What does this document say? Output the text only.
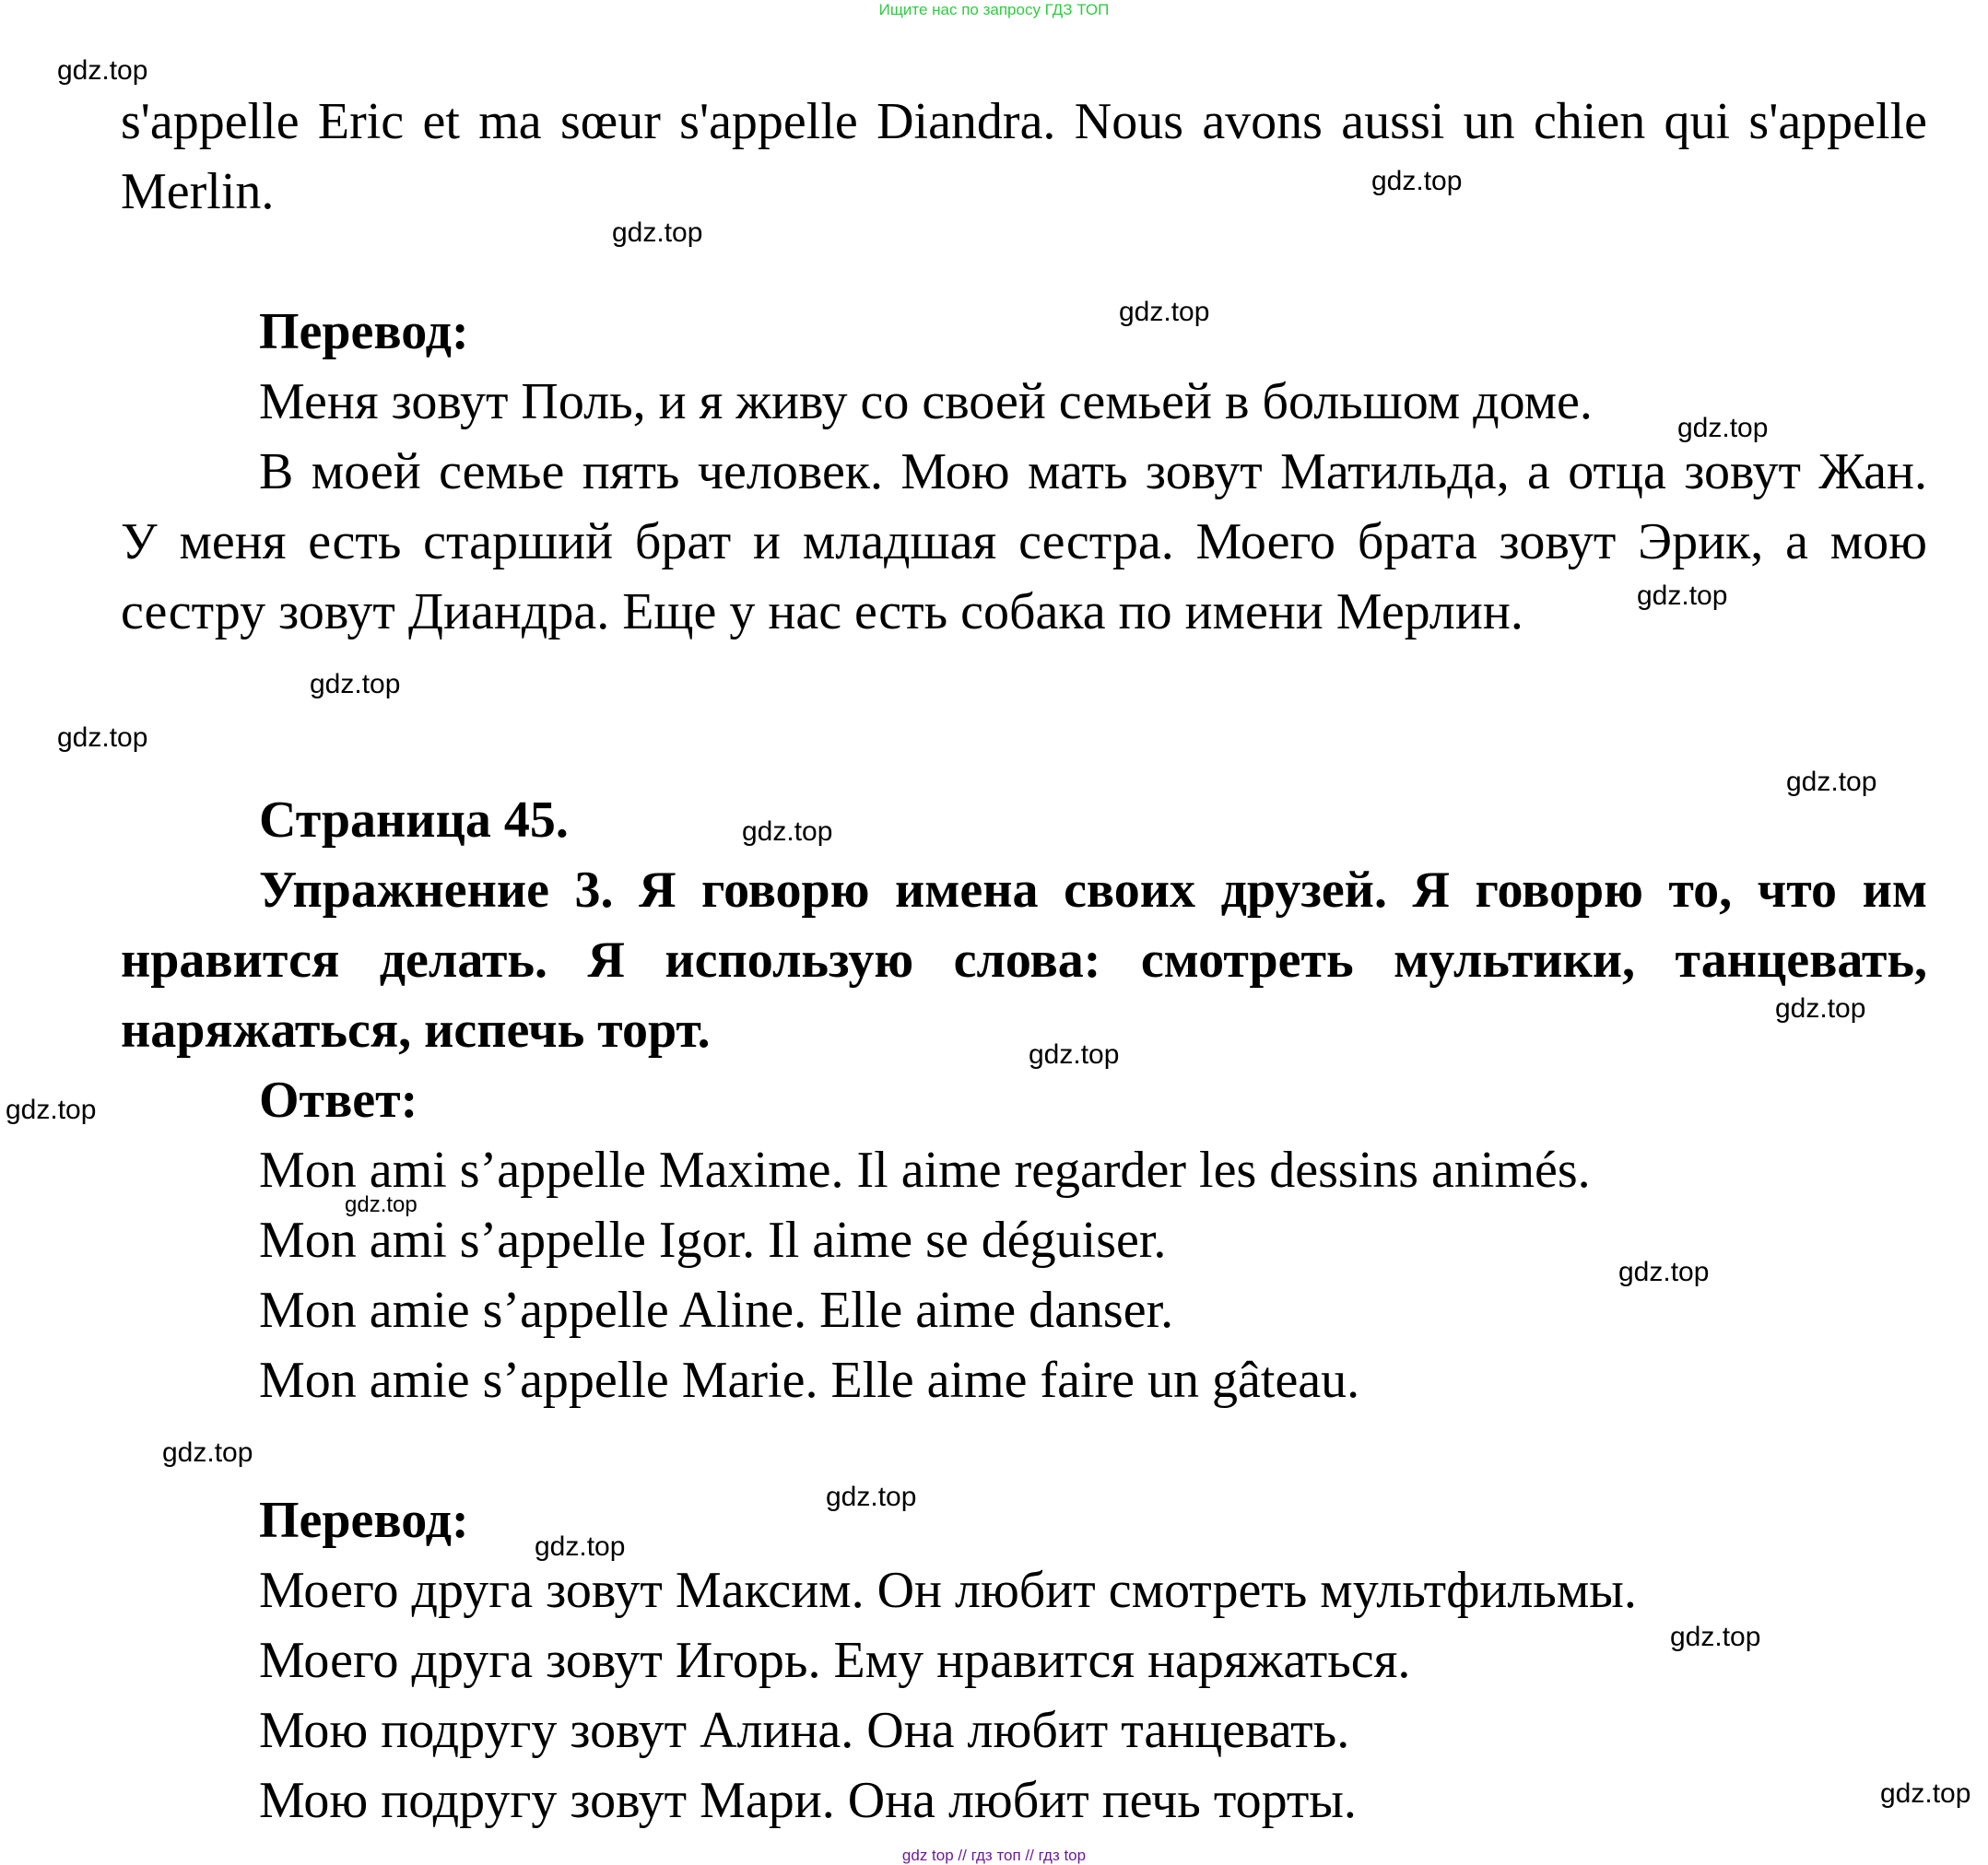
Ищите нас по запросу ГДЗ ТОП
s'appelle Eric et ma sœur s'appelle Diandra. Nous avons aussi un chien qui s'appelle
Merlin.
Перевод:
Меня зовут Поль, и я живу со своей семьей в большом доме.
В моей семье пять человек. Мою мать зовут Матильда, а отца зовут Жан.
У меня есть старший брат и младшая сестра. Моего брата зовут Эрик, а мою
сестру зовут Диандра. Еще у нас есть собака по имени Мерлин.
Страница 45.
Упражнение 3. Я говорю имена своих друзей. Я говорю то, что им
нравится делать. Я использую слова: смотреть мультики, танцевать,
наряжаться, испечь торт.
Ответ:
Mon ami s’appelle Maxime. Il aime regarder les dessins animés.
Mon ami s’appelle Igor. Il aime se déguiser.
Mon amie s’appelle Aline. Elle aime danser.
Mon amie s’appelle Marie. Elle aime faire un gâteau.
Перевод:
Моего друга зовут Максим. Он любит смотреть мультфильмы.
Моего друга зовут Игорь. Ему нравится наряжаться.
Мою подругу зовут Алина. Она любит танцевать.
Мою подругу зовут Мари. Она любит печь торты.
gdz.top
gdz.top
gdz.top
gdz.top
gdz.top
gdz.top
gdz.top
gdz.top
gdz.top
gdz.top
gdz.top
gdz.top
gdz.top
gdz.top
gdz.top
gdz.top
gdz.top
gdz.top
gdz.top
gdz.top
gdz top // гдз топ // гдз top
